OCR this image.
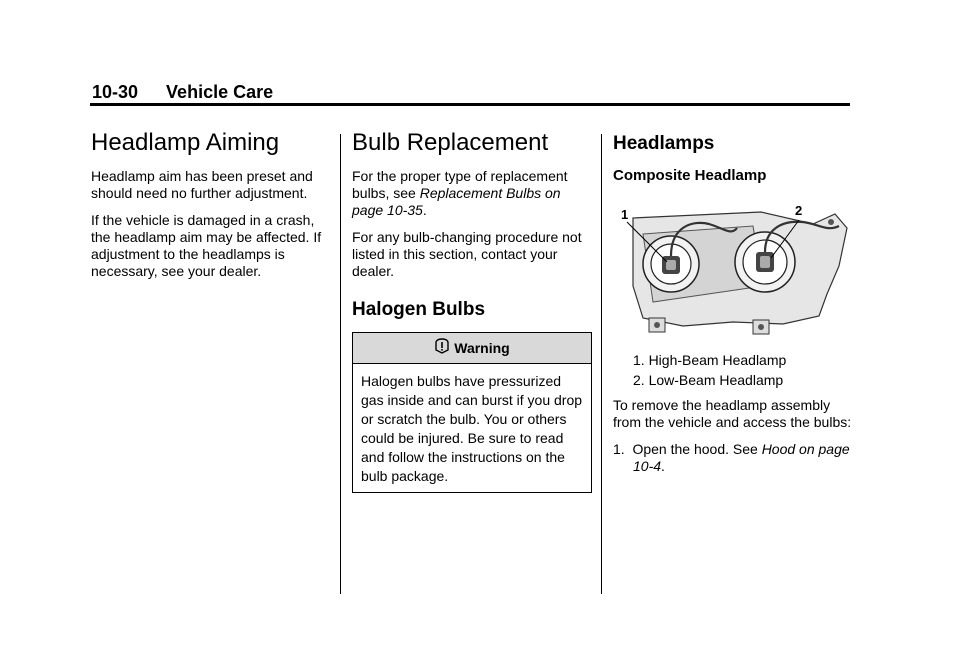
10-30 Vehicle Care
Headlamp Aiming

Headlamp aim has been preset and should need no further adjustment.

If the vehicle is damaged in a crash, the headlamp aim may be affected. If adjustment to the headlamps is necessary, see your dealer.

Bulb Replacement

For the proper type of replacement bulbs, see Replacement Bulbs on page 10-35.

For any bulb-changing procedure not listed in this section, contact your dealer.

Halogen Bulbs
Warning
Halogen bulbs have pressurized gas inside and can burst if you drop or scratch the bulb. You or others could be injured. Be sure to read and follow the instructions on the bulb package.
Headlamps
Composite Headlamp
1	2
1. High-Beam Headlamp
2. Low-Beam Headlamp

To remove the headlamp assembly from the vehicle and access the bulbs:

1. Open the hood. See Hood on page 10-4.
